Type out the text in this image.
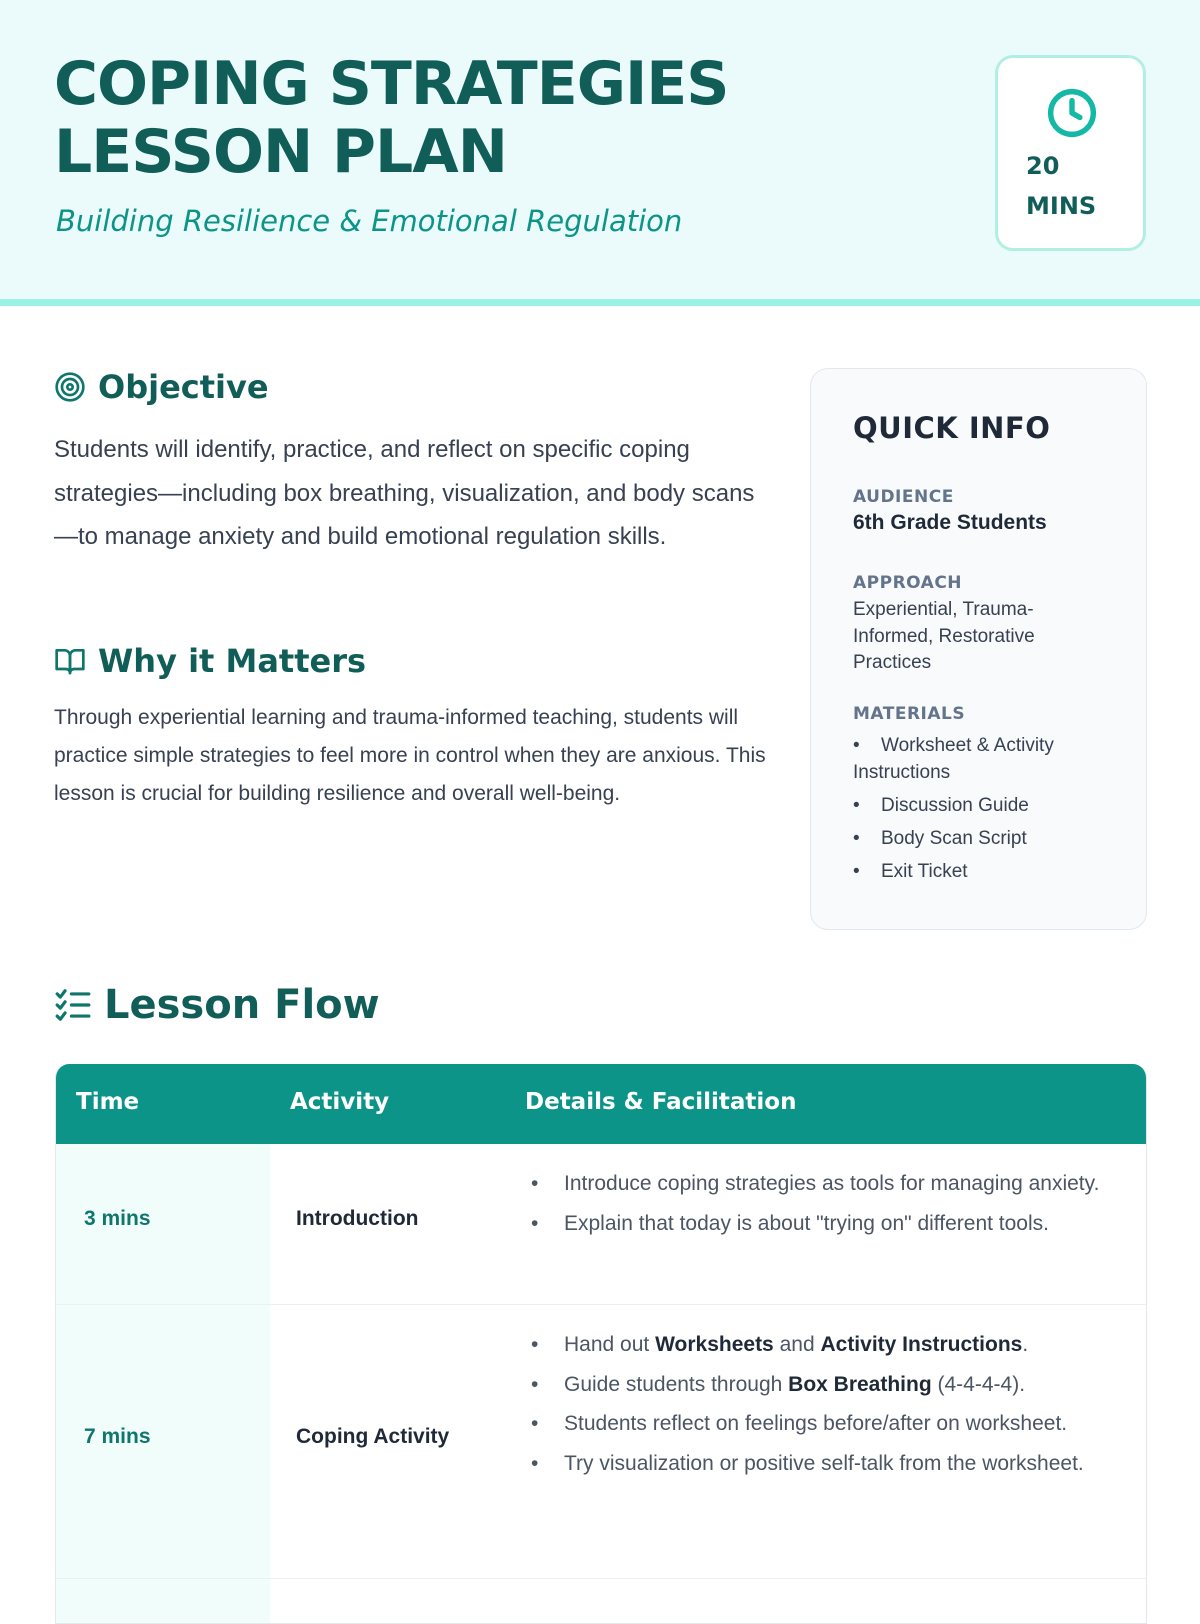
COPING STRATEGIES LESSON PLAN
Building Resilience & Emotional Regulation
20
MINS
Objective

Students will identify, practice, and reflect on specific coping strategies—including box breathing, visualization, and body scans—to manage anxiety and build emotional regulation skills.

Why it Matters

Through experiential learning and trauma-informed teaching, students will practice simple strategies to feel more in control when they are anxious. This lesson is crucial for building resilience and overall well-being.

QUICK INFO
AUDIENCE
6th Grade Students
APPROACH
Experiential, Trauma-Informed, Restorative Practices
MATERIALS
• Worksheet & Activity Instructions
• Discussion Guide
• Body Scan Script
• Exit Ticket
Lesson Flow
Time	Activity	Details & Facilitation
3 mins	Introduction
• Introduce coping strategies as tools for managing anxiety.
• Explain that today is about "trying on" different tools.
7 mins	Coping Activity
• Hand out Worksheets and Activity Instructions.
• Guide students through Box Breathing (4-4-4-4).
• Students reflect on feelings before/after on worksheet.
• Try visualization or positive self-talk from the worksheet.
